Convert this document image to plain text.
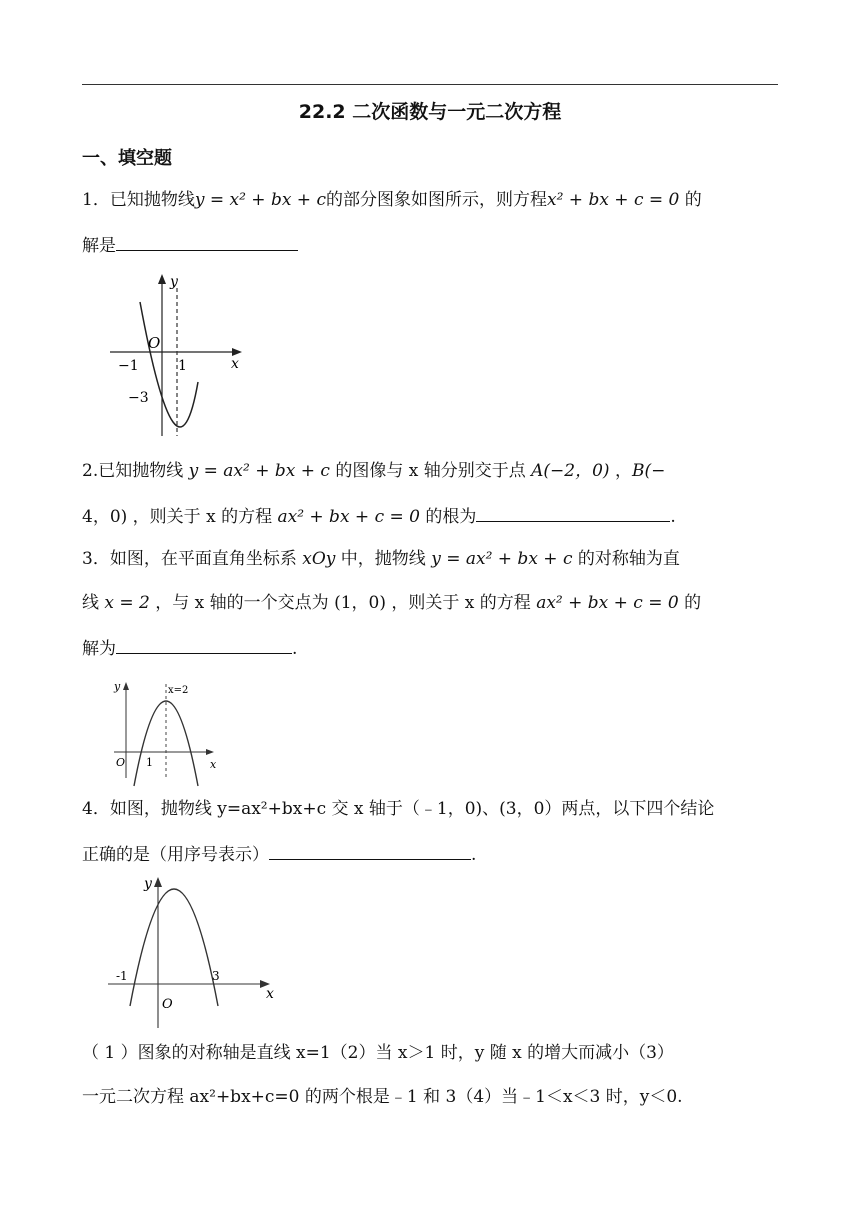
22.2 二次函数与一元二次方程
一、填空题
1．已知抛物线y = x² + bx + c的部分图象如图所示，则方程x² + bx + c = 0 的
解是
y
x
O
−1	1
−3
2.已知抛物线 y = ax² + bx + c 的图像与 x 轴分别交于点 A(−2，0) ，B(−
4，0) ，则关于 x 的方程 ax² + bx + c = 0 的根为	.
3．如图，在平面直角坐标系 xOy 中，抛物线 y = ax² + bx + c 的对称轴为直
线 x = 2 ，与 x 轴的一个交点为 (1，0) ，则关于 x 的方程 ax² + bx + c = 0 的
解为	.
y
x
O 1
x=2
4．如图，抛物线 y=ax²+bx+c 交 x 轴于（﹣1，0)、(3，0）两点，以下四个结论
正确的是（用序号表示）	.
y
x
O
-1	3
（ 1 ）图象的对称轴是直线 x=1（2）当 x＞1 时，y 随 x 的增大而减小（3）
一元二次方程 ax²+bx+c=0 的两个根是﹣1 和 3（4）当﹣1＜x＜3 时，y＜0.
